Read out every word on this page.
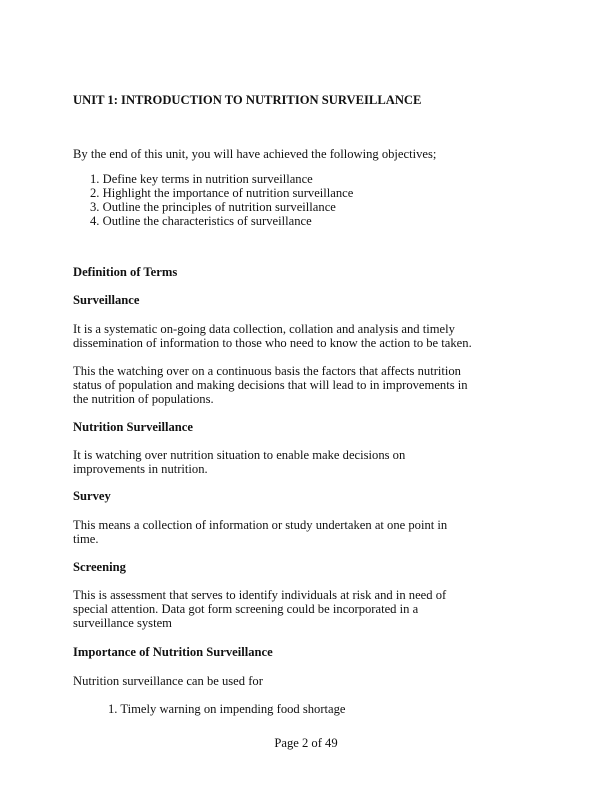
UNIT 1: INTRODUCTION TO NUTRITION SURVEILLANCE
By the end of this unit, you will have achieved the following objectives;
1. Define key terms in nutrition surveillance
2. Highlight the importance of nutrition surveillance
3. Outline the principles of nutrition surveillance
4. Outline the characteristics of surveillance
Definition of Terms
Surveillance
It is a systematic on-going data collection, collation and analysis and timely
dissemination of information to those who need to know the action to be taken.
This the watching over on a continuous basis the factors that affects nutrition
status of population and making decisions that will lead to in improvements in
the nutrition of populations.
Nutrition Surveillance
It is watching over nutrition situation to enable make decisions on
improvements in nutrition.
Survey
This means a collection of information or study undertaken at one point in
time.
Screening
This is assessment that serves to identify individuals at risk and in need of
special attention. Data got form screening could be incorporated in a
surveillance system
Importance of Nutrition Surveillance
Nutrition surveillance can be used for
1. Timely warning on impending food shortage
Page 2 of 49
